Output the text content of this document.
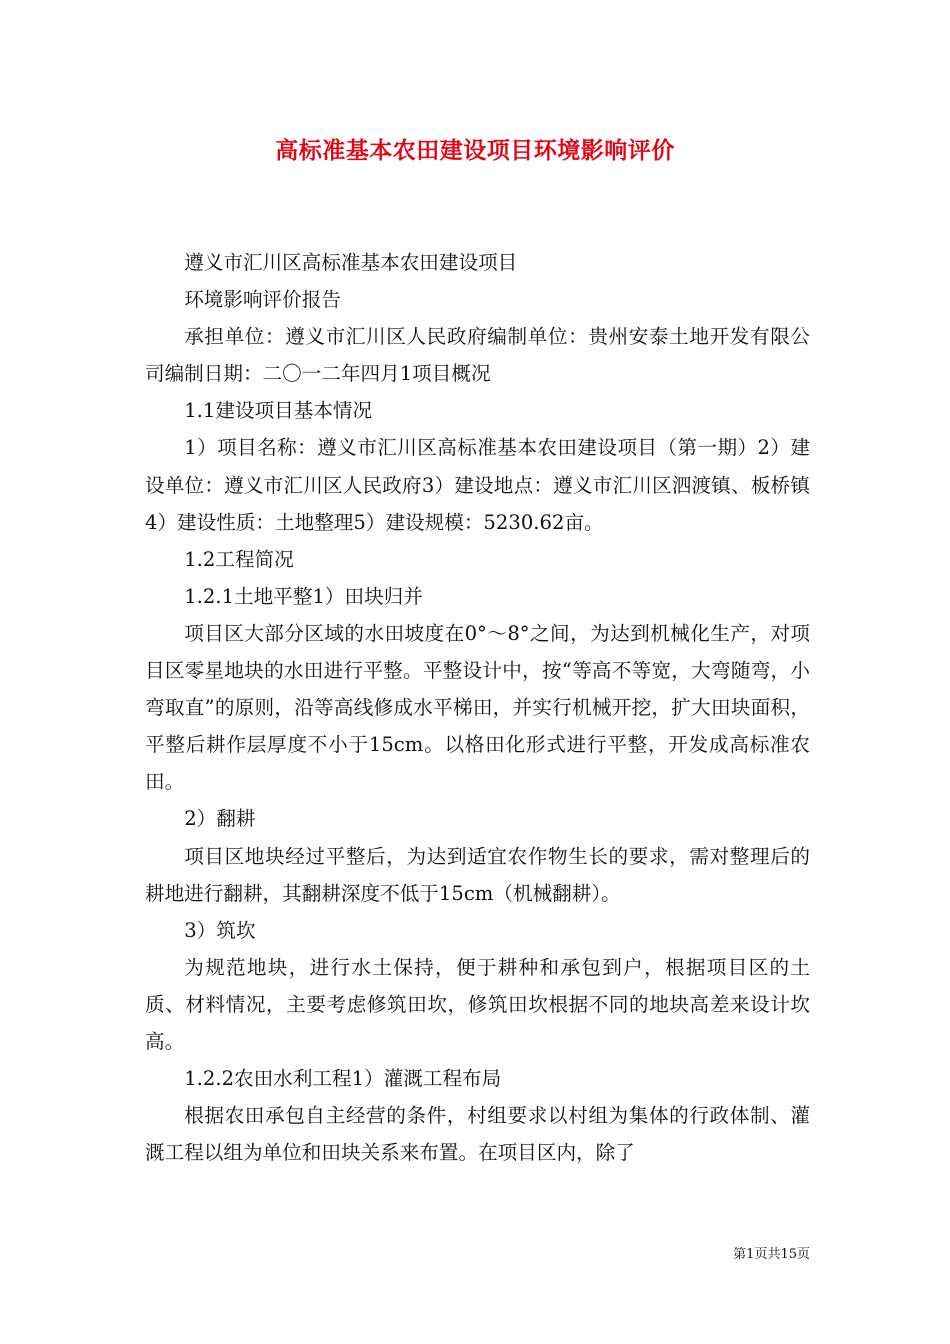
高标准基本农田建设项目环境影响评价

遵义市汇川区高标准基本农田建设项目

环境影响评价报告

承担单位：遵义市汇川区人民政府编制单位：贵州安泰土地开发有限公司编制日期：二〇一二年四月1项目概况

1.1建设项目基本情况

1）项目名称：遵义市汇川区高标准基本农田建设项目（第一期）2）建设单位：遵义市汇川区人民政府3）建设地点：遵义市汇川区泗渡镇、板桥镇4）建设性质：土地整理5）建设规模：5230.62亩。

1.2工程简况

1.2.1土地平整1）田块归并

项目区大部分区域的水田坡度在0°～8°之间，为达到机械化生产，对项目区零星地块的水田进行平整。平整设计中，按“等高不等宽，大弯随弯，小弯取直”的原则，沿等高线修成水平梯田，并实行机械开挖，扩大田块面积，平整后耕作层厚度不小于15cm。以格田化形式进行平整，开发成高标准农田。

2）翻耕

项目区地块经过平整后，为达到适宜农作物生长的要求，需对整理后的耕地进行翻耕，其翻耕深度不低于15cm（机械翻耕）。

3）筑坎

为规范地块，进行水土保持，便于耕种和承包到户，根据项目区的土质、材料情况，主要考虑修筑田坎，修筑田坎根据不同的地块高差来设计坎高。

1.2.2农田水利工程1）灌溉工程布局

根据农田承包自主经营的条件，村组要求以村组为集体的行政体制、灌溉工程以组为单位和田块关系来布置。在项目区内，除了

第1页共15页
